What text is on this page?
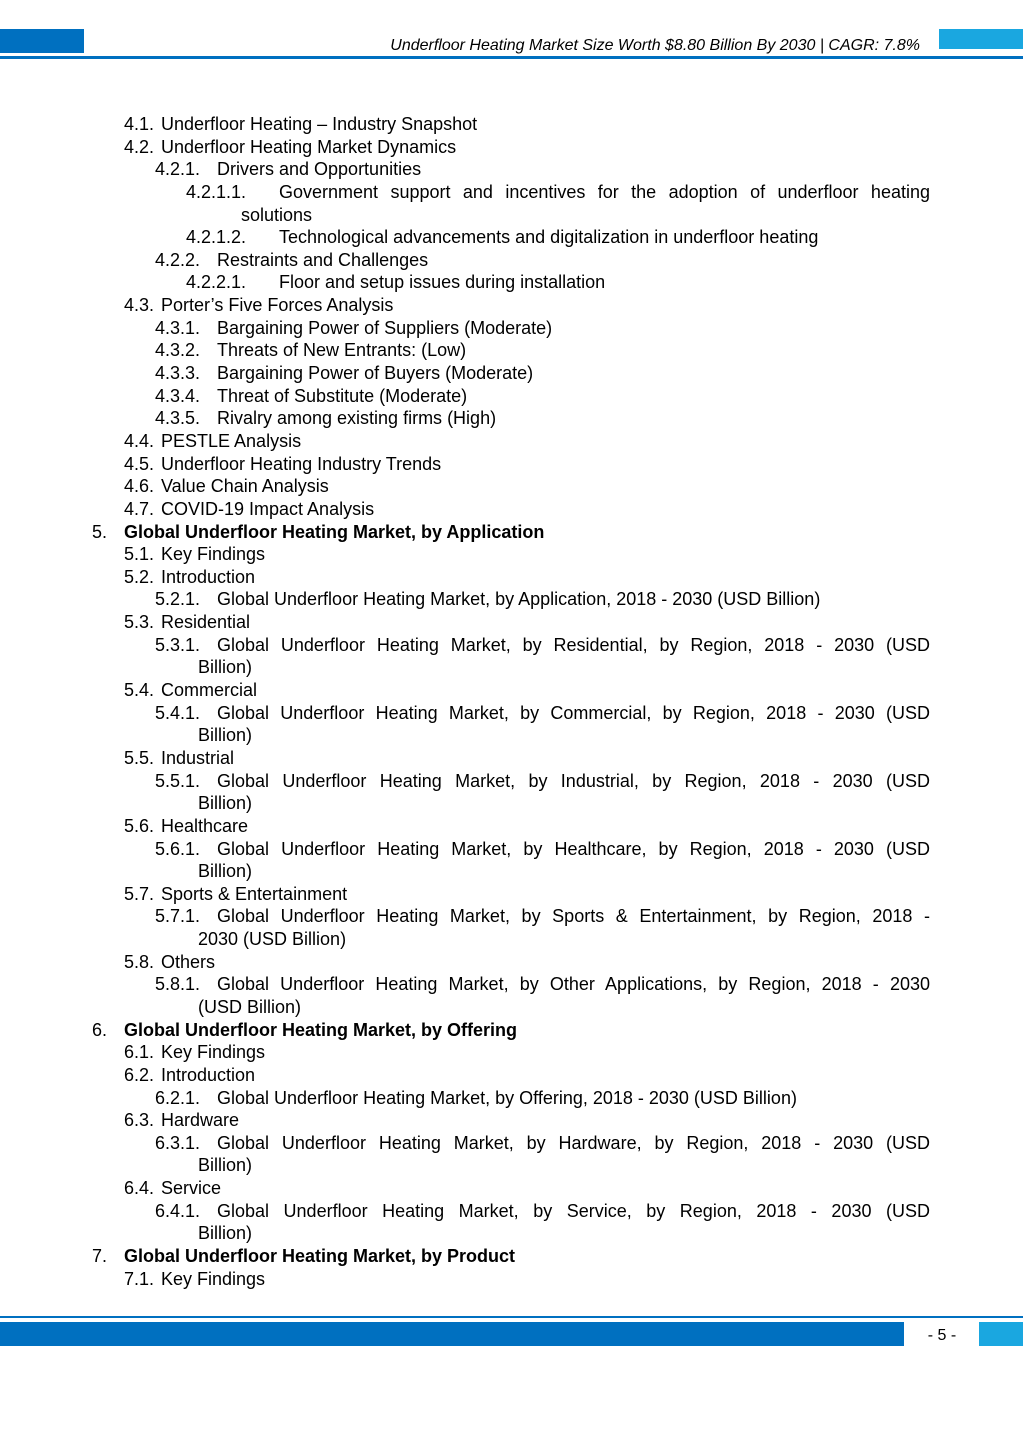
Underfloor Heating Market Size Worth $8.80 Billion By 2030 | CAGR: 7.8%
4.1. Underfloor Heating – Industry Snapshot
4.2. Underfloor Heating Market Dynamics
4.2.1. Drivers and Opportunities
4.2.1.1. Government support and incentives for the adoption of underfloor heating
solutions
4.2.1.2. Technological advancements and digitalization in underfloor heating
4.2.2. Restraints and Challenges
4.2.2.1. Floor and setup issues during installation
4.3. Porter’s Five Forces Analysis
4.3.1. Bargaining Power of Suppliers (Moderate)
4.3.2. Threats of New Entrants: (Low)
4.3.3. Bargaining Power of Buyers (Moderate)
4.3.4. Threat of Substitute (Moderate)
4.3.5. Rivalry among existing firms (High)
4.4. PESTLE Analysis
4.5. Underfloor Heating Industry Trends
4.6. Value Chain Analysis
4.7. COVID-19 Impact Analysis
5. Global Underfloor Heating Market, by Application
5.1. Key Findings
5.2. Introduction
5.2.1. Global Underfloor Heating Market, by Application, 2018 - 2030 (USD Billion)
5.3. Residential
5.3.1. Global Underfloor Heating Market, by Residential, by Region, 2018 - 2030 (USD
Billion)
5.4. Commercial
5.4.1. Global Underfloor Heating Market, by Commercial, by Region, 2018 - 2030 (USD
Billion)
5.5. Industrial
5.5.1. Global Underfloor Heating Market, by Industrial, by Region, 2018 - 2030 (USD
Billion)
5.6. Healthcare
5.6.1. Global Underfloor Heating Market, by Healthcare, by Region, 2018 - 2030 (USD
Billion)
5.7. Sports & Entertainment
5.7.1. Global Underfloor Heating Market, by Sports & Entertainment, by Region, 2018 -
2030 (USD Billion)
5.8. Others
5.8.1. Global Underfloor Heating Market, by Other Applications, by Region, 2018 - 2030
(USD Billion)
6. Global Underfloor Heating Market, by Offering
6.1. Key Findings
6.2. Introduction
6.2.1. Global Underfloor Heating Market, by Offering, 2018 - 2030 (USD Billion)
6.3. Hardware
6.3.1. Global Underfloor Heating Market, by Hardware, by Region, 2018 - 2030 (USD
Billion)
6.4. Service
6.4.1. Global Underfloor Heating Market, by Service, by Region, 2018 - 2030 (USD
Billion)
7. Global Underfloor Heating Market, by Product
7.1. Key Findings
- 5 -
